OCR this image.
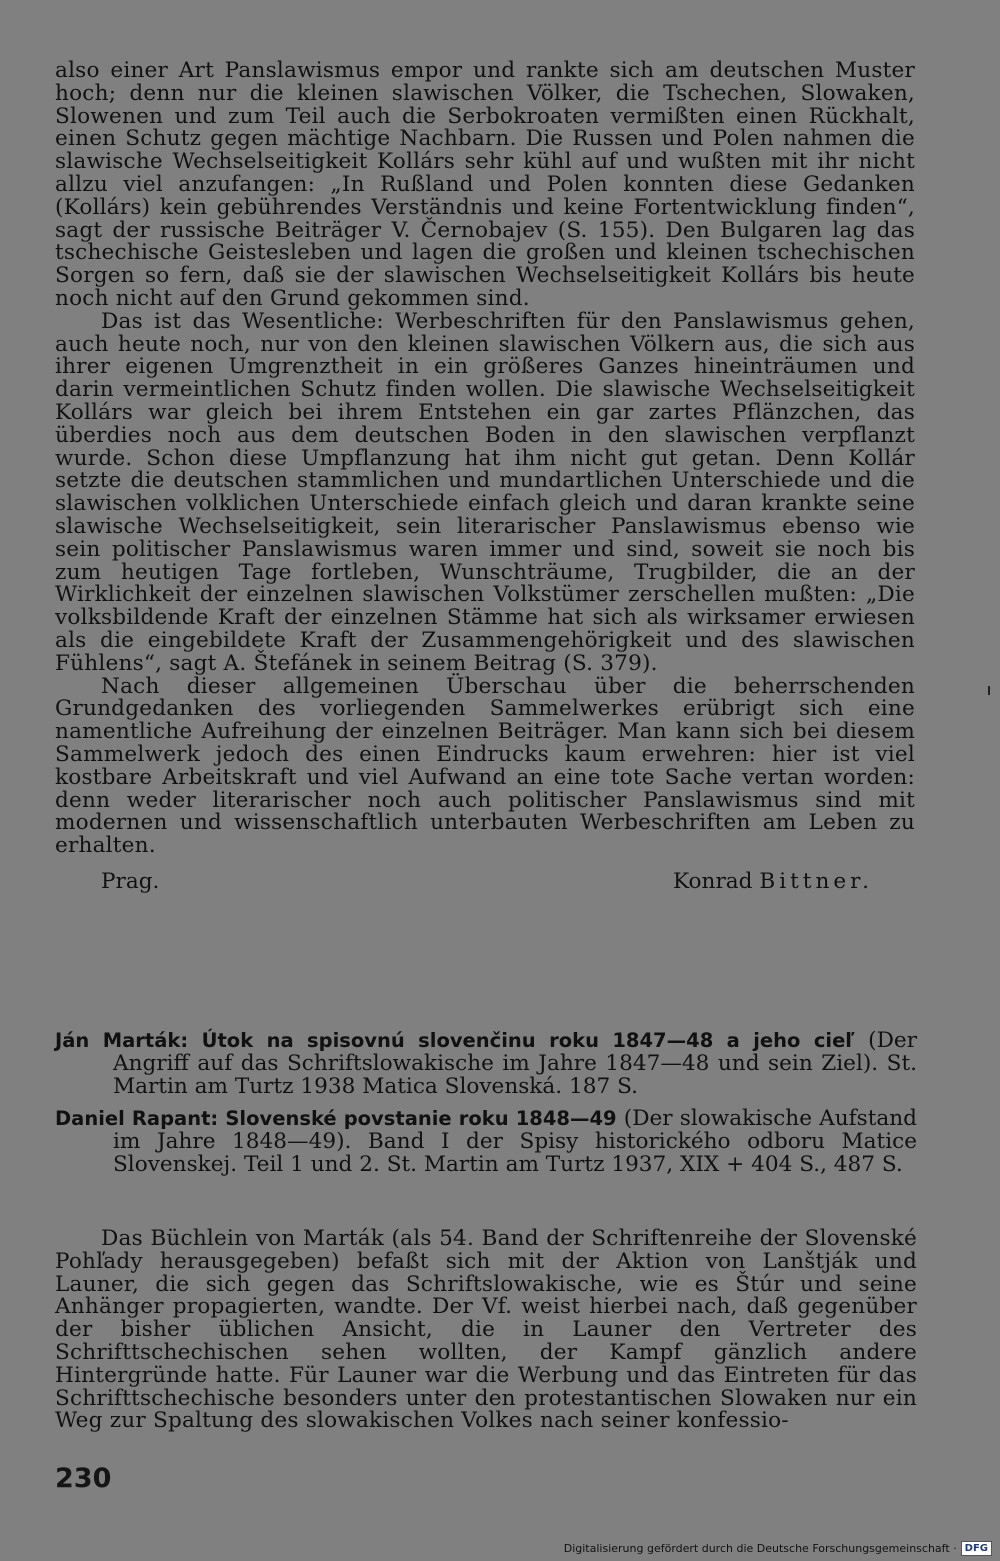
also einer Art Panslawismus empor und rankte sich am deutschen Muster hoch; denn nur die kleinen slawischen Völker, die Tschechen, Slowaken, Slowenen und zum Teil auch die Serbokroaten vermißten einen Rückhalt, einen Schutz gegen mächtige Nachbarn. Die Russen und Polen nahmen die slawische Wechselseitigkeit Kollárs sehr kühl auf und wußten mit ihr nicht allzu viel anzufangen: „In Rußland und Polen konnten diese Gedanken (Kollárs) kein gebührendes Verständnis und keine Fortentwicklung finden“, sagt der russische Beiträger V. Černobajev (S. 155). Den Bulgaren lag das tschechische Geistesleben und lagen die großen und kleinen tschechischen Sorgen so fern, daß sie der slawischen Wechselseitigkeit Kollárs bis heute noch nicht auf den Grund gekommen sind.

Das ist das Wesentliche: Werbeschriften für den Panslawismus gehen, auch heute noch, nur von den kleinen slawischen Völkern aus, die sich aus ihrer eigenen Umgrenztheit in ein größeres Ganzes hineinträumen und darin vermeintlichen Schutz finden wollen. Die slawische Wechselseitigkeit Kollárs war gleich bei ihrem Entstehen ein gar zartes Pflänzchen, das überdies noch aus dem deutschen Boden in den slawischen verpflanzt wurde. Schon diese Umpflanzung hat ihm nicht gut getan. Denn Kollár setzte die deutschen stammlichen und mundartlichen Unterschiede und die slawischen volklichen Unterschiede einfach gleich und daran krankte seine slawische Wechselseitigkeit, sein literarischer Panslawismus ebenso wie sein politischer Panslawismus waren immer und sind, soweit sie noch bis zum heutigen Tage fortleben, Wunschträume, Trugbilder, die an der Wirklichkeit der einzelnen slawischen Volkstümer zerschellen mußten: „Die volksbildende Kraft der einzelnen Stämme hat sich als wirksamer erwiesen als die eingebildete Kraft der Zusammengehörigkeit und des slawischen Fühlens“, sagt A. Štefánek in seinem Beitrag (S. 379).

Nach dieser allgemeinen Überschau über die beherrschenden Grundgedanken des vorliegenden Sammelwerkes erübrigt sich eine namentliche Aufreihung der einzelnen Beiträger. Man kann sich bei diesem Sammelwerk jedoch des einen Eindrucks kaum erwehren: hier ist viel kostbare Arbeitskraft und viel Aufwand an eine tote Sache vertan worden: denn weder literarischer noch auch politischer Panslawismus sind mit modernen und wissenschaftlich unterbauten Werbeschriften am Leben zu erhalten.

Prag.	Konrad Bittner.

Ján Marták: Útok na spisovnú slovenčinu roku 1847—48 a jeho cieľ (Der Angriff auf das Schriftslowakische im Jahre 1847—48 und sein Ziel). St. Martin am Turtz 1938 Matica Slovenská. 187 S.

Daniel Rapant: Slovenské povstanie roku 1848—49 (Der slowakische Aufstand im Jahre 1848—49). Band I der Spisy historického odboru Matice Slovenskej. Teil 1 und 2. St. Martin am Turtz 1937, XIX + 404 S., 487 S.

Das Büchlein von Marták (als 54. Band der Schriftenreihe der Slovenské Pohľady herausgegeben) befaßt sich mit der Aktion von Lanštják und Launer, die sich gegen das Schriftslowakische, wie es Štúr und seine Anhänger propagierten, wandte. Der Vf. weist hierbei nach, daß gegenüber der bisher üblichen Ansicht, die in Launer den Vertreter des Schrifttschechischen sehen wollten, der Kampf gänzlich andere Hintergründe hatte. Für Launer war die Werbung und das Eintreten für das Schrifttschechische besonders unter den protestantischen Slowaken nur ein Weg zur Spaltung des slowakischen Volkes nach seiner konfessio-

230
Digitalisierung gefördert durch die Deutsche Forschungsgemeinschaft · DFG
